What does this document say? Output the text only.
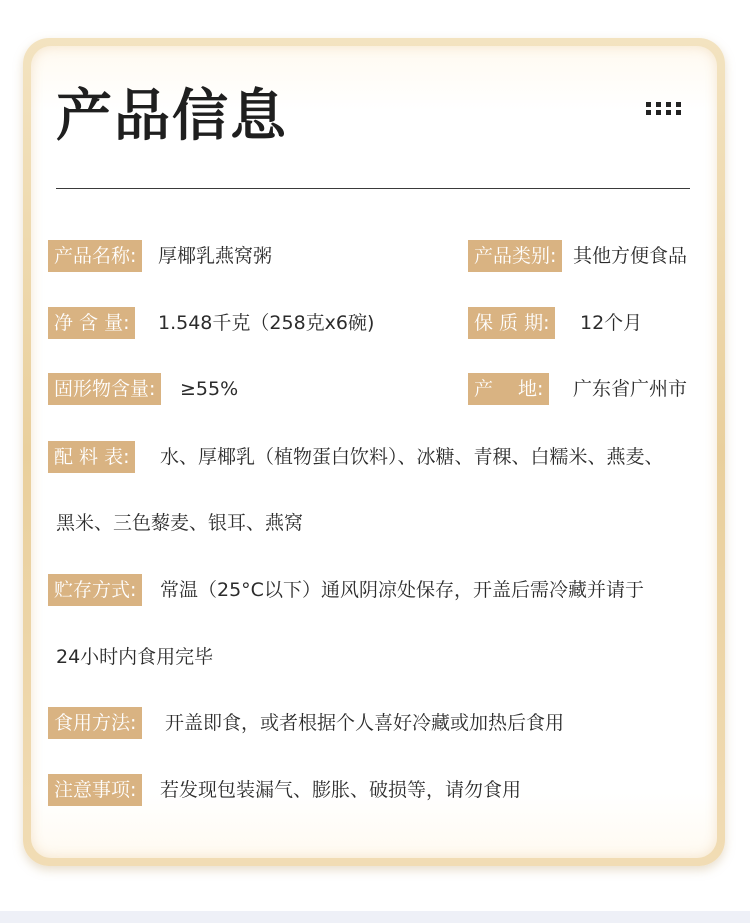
产品信息
产品名称:	厚椰乳燕窝粥	产品类别: 其他方便食品
净 含 量:	1.548千克（258克x6碗)	保 质 期:	12个月
固形物含量:	≥55%	产　 地:	广东省广州市
配 料 表:	水、厚椰乳（植物蛋白饮料）、冰糖、青稞、白糯米、燕麦、
黑米、三色藜麦、银耳、燕窝
贮存方式:	常温（25°C以下）通风阴凉处保存，开盖后需冷藏并请于
24小时内食用完毕
食用方法:	开盖即食，或者根据个人喜好冷藏或加热后食用
注意事项:	若发现包装漏气、膨胀、破损等，请勿食用
